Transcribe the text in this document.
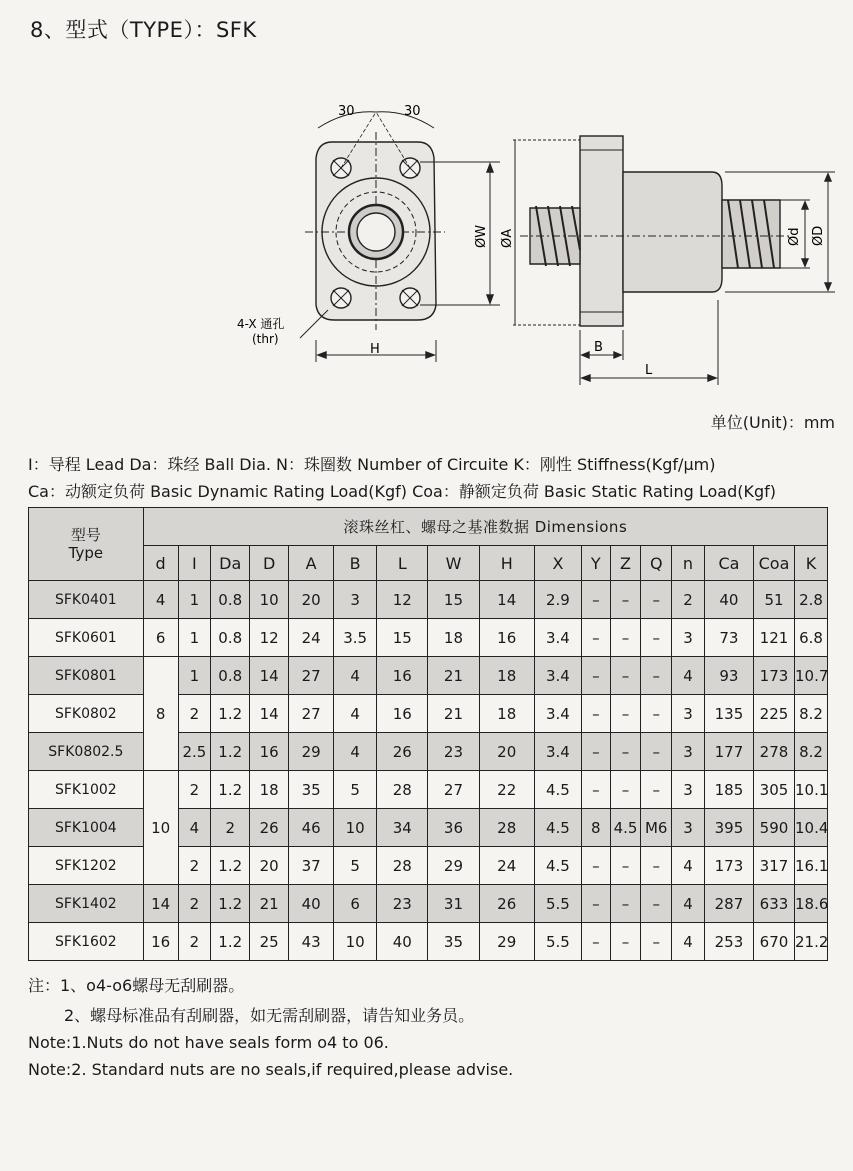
8、型式（TYPE）：SFK
30	30
4-X 通孔
(thr)
H
ØW ØA
B
L
Ød ØD
单位(Unit)：mm
I：导程 Lead Da：珠经 Ball Dia. N：珠圈数 Number of Circuite K：刚性 Stiffness(Kgf/μm)
Ca：动额定负荷 Basic Dynamic Rating Load(Kgf) Coa：静额定负荷 Basic Static Rating Load(Kgf)
型号
Type	滚珠丝杠、螺母之基准数据 Dimensions																
	d	I	Da	D	A	B	L	W	H	X	Y	Z	Q	n	Ca	Coa	K
SFK0401	4	1	0.8	10	20	3	12	15	14	2.9	–	–	–	2	40	51	2.8
SFK0601	6	1	0.8	12	24	3.5	15	18	16	3.4	–	–	–	3	73	121	6.8
SFK0801	8	1	0.8	14	27	4	16	21	18	3.4	–	–	–	4	93	173	10.7
SFK0802		2	1.2	14	27	4	16	21	18	3.4	–	–	–	3	135	225	8.2
SFK0802.5		2.5	1.2	16	29	4	26	23	20	3.4	–	–	–	3	177	278	8.2
SFK1002	10	2	1.2	18	35	5	28	27	22	4.5	–	–	–	3	185	305	10.1
SFK1004		4	2	26	46	10	34	36	28	4.5	8	4.5	M6	3	395	590	10.4
SFK1202		2	1.2	20	37	5	28	29	24	4.5	–	–	–	4	173	317	16.1
SFK1402	14	2	1.2	21	40	6	23	31	26	5.5	–	–	–	4	287	633	18.6
SFK1602	16	2	1.2	25	43	10	40	35	29	5.5	–	–	–	4	253	670	21.2
注：1、o4-o6螺母无刮刷器。
2、螺母标准品有刮刷器，如无需刮刷器，请告知业务员。
Note:1.Nuts do not have seals form o4 to 06.
Note:2. Standard nuts are no seals,if required,please advise.
